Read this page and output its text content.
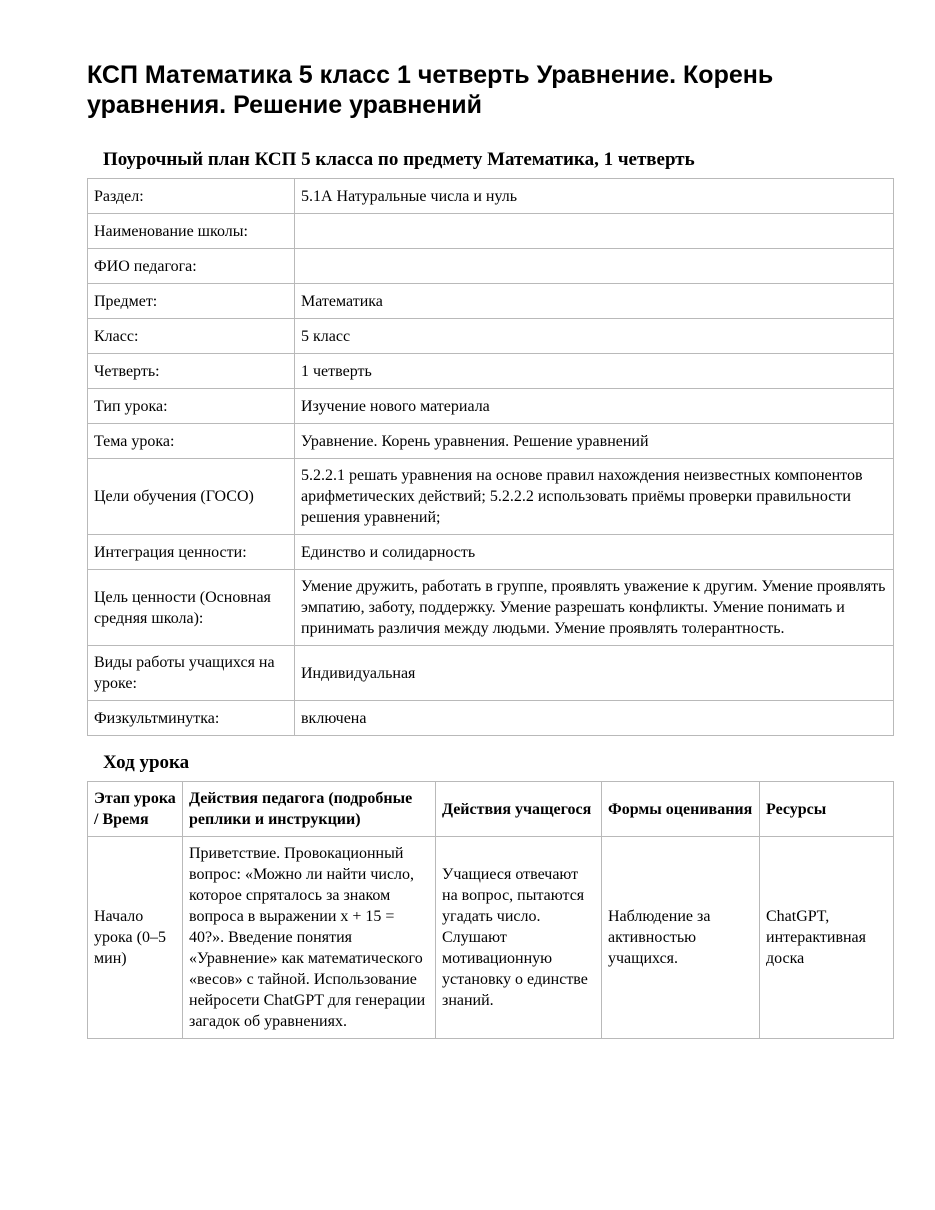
КСП Математика 5 класс 1 четверть Уравнение. Корень уравнения. Решение уравнений
Поурочный план КСП 5 класса по предмету Математика, 1 четверть
Раздел:	5.1А Натуральные числа и нуль
Наименование школы:	
ФИО педагога:	
Предмет:	Математика
Класс:	5 класс
Четверть:	1 четверть
Тип урока:	Изучение нового материала
Тема урока:	Уравнение. Корень уравнения. Решение уравнений
Цели обучения (ГОСО)	5.2.2.1 решать уравнения на основе правил нахождения неизвестных компонентов арифметических действий; 5.2.2.2 использовать приёмы проверки правильности решения уравнений;
Интеграция ценности:	Единство и солидарность
Цель ценности (Основная средняя школа):	Умение дружить, работать в группе, проявлять уважение к другим. Умение проявлять эмпатию, заботу, поддержку. Умение разрешать конфликты. Умение понимать и принимать различия между людьми. Умение проявлять толерантность.
Виды работы учащихся на уроке:	Индивидуальная
Физкультминутка:	включена
Ход урока
Этап урока / Время	Действия педагога (подробные реплики и инструкции)	Действия учащегося	Формы оценивания	Ресурсы
Начало урока (0–5 мин)	Приветствие. Провокационный вопрос: «Можно ли найти число, которое спряталось за знаком вопроса в выражении x + 15 = 40?». Введение понятия «Уравнение» как математического «весов» с тайной. Использование нейросети ChatGPT для генерации загадок об уравнениях.	Учащиеся отвечают на вопрос, пытаются угадать число. Слушают мотивационную установку о единстве знаний.	Наблюдение за активностью учащихся.	ChatGPT, интерактивная доска
